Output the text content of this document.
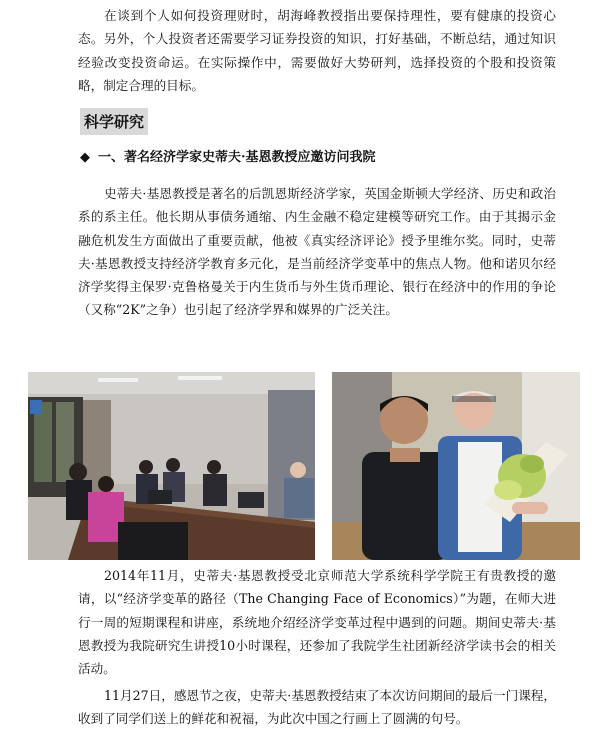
在谈到个人如何投资理财时，胡海峰教授指出要保持理性，要有健康的投资心态。另外，个人投资者还需要学习证券投资的知识，打好基础，不断总结，通过知识经验改变投资命运。在实际操作中，需要做好大势研判，选择投资的个股和投资策略，制定合理的目标。

科学研究
◆ 一、著名经济学家史蒂夫·基恩教授应邀访问我院

史蒂夫·基恩教授是著名的后凯恩斯经济学家，英国金斯顿大学经济、历史和政治系的系主任。他长期从事债务通缩、内生金融不稳定建模等研究工作。由于其揭示金融危机发生方面做出了重要贡献，他被《真实经济评论》授予里维尔奖。同时，史蒂夫·基恩教授支持经济学教育多元化，是当前经济学变革中的焦点人物。他和诺贝尔经济学奖得主保罗·克鲁格曼关于内生货币与外生货币理论、银行在经济中的作用的争论（又称“2K”之争）也引起了经济学界和媒界的广泛关注。

2014年11月，史蒂夫·基恩教授受北京师范大学系统科学学院王有贵教授的邀请，以“经济学变革的路径（The Changing Face of Economics）”为题，在师大进行一周的短期课程和讲座，系统地介绍经济学变革过程中遇到的问题。期间史蒂夫·基恩教授为我院研究生讲授10小时课程，还参加了我院学生社团新经济学读书会的相关活动。

11月27日，感恩节之夜，史蒂夫·基恩教授结束了本次访问期间的最后一门课程，收到了同学们送上的鲜花和祝福，为此次中国之行画上了圆满的句号。
